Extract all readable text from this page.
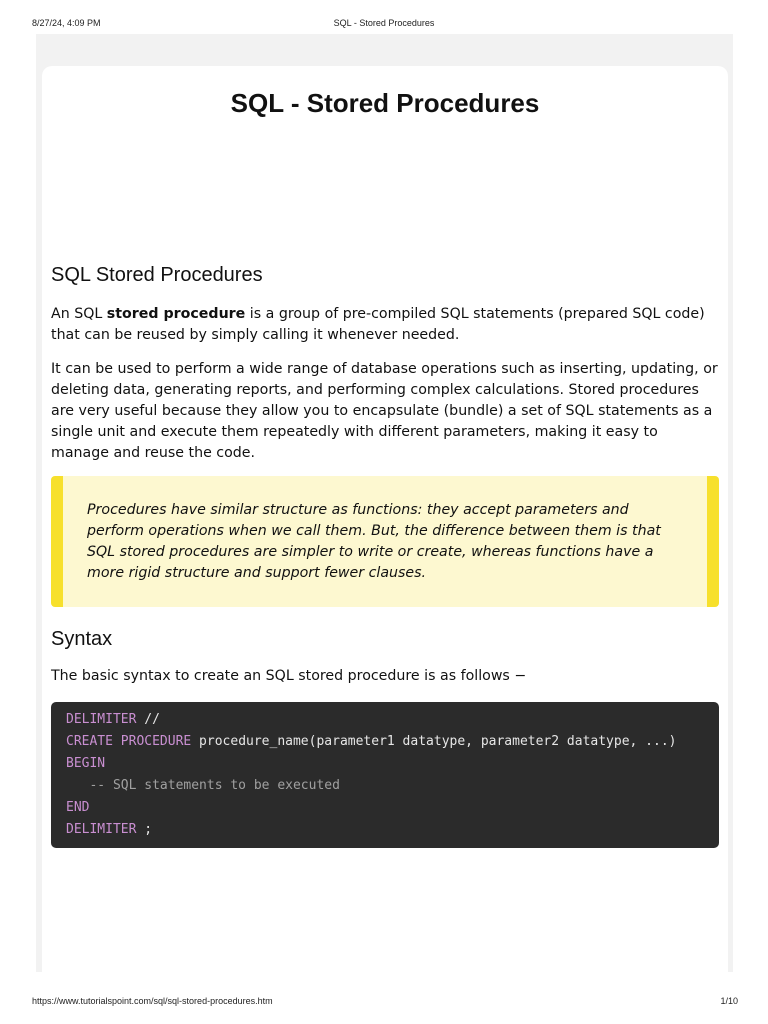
8/27/24, 4:09 PM	SQL - Stored Procedures
SQL - Stored Procedures
SQL Stored Procedures

An SQL stored procedure is a group of pre-compiled SQL statements (prepared SQL code) that can be reused by simply calling it whenever needed.

It can be used to perform a wide range of database operations such as inserting, updating, or deleting data, generating reports, and performing complex calculations. Stored procedures are very useful because they allow you to encapsulate (bundle) a set of SQL statements as a single unit and execute them repeatedly with different parameters, making it easy to manage and reuse the code.

Procedures have similar structure as functions: they accept parameters and perform operations when we call them. But, the difference between them is that SQL stored procedures are simpler to write or create, whereas functions have a more rigid structure and support fewer clauses.
Syntax

The basic syntax to create an SQL stored procedure is as follows −

DELIMITER //
CREATE PROCEDURE procedure_name(parameter1 datatype, parameter2 datatype, ...)
BEGIN
-- SQL statements to be executed
END
DELIMITER ;
https://www.tutorialspoint.com/sql/sql-stored-procedures.htm	1/10
